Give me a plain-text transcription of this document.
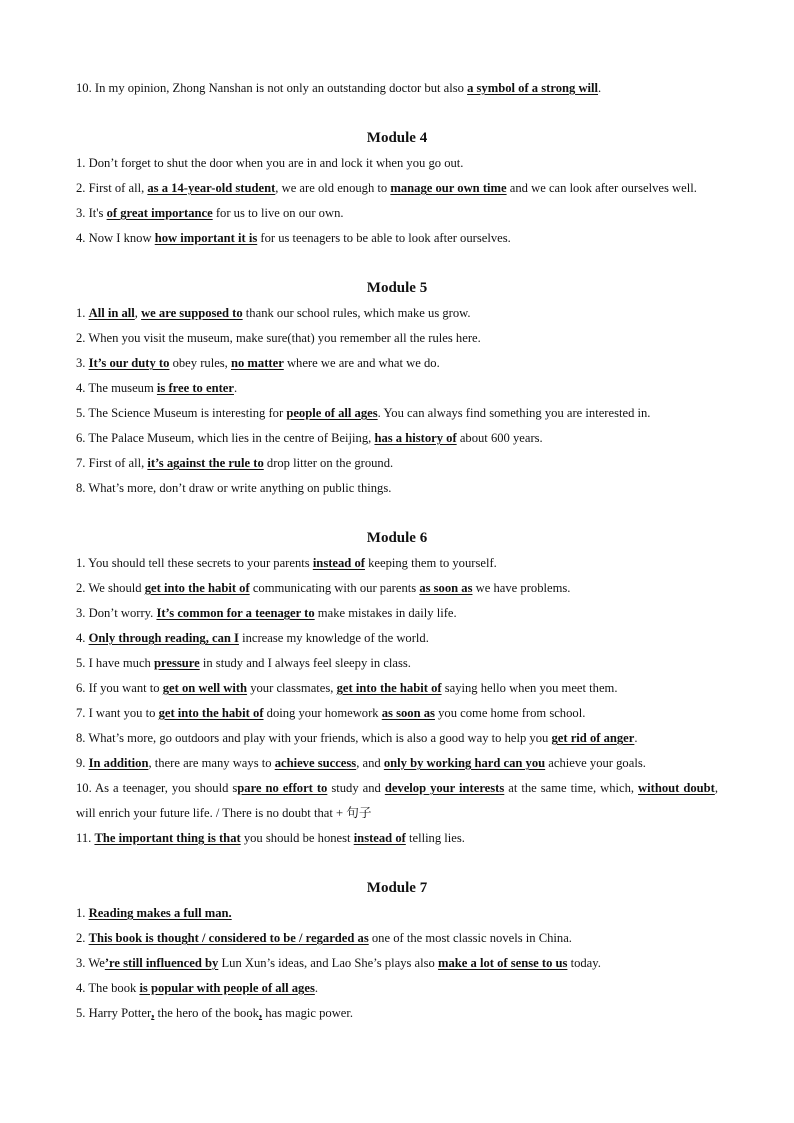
10. In my opinion, Zhong Nanshan is not only an outstanding doctor but also a symbol of a strong will.
Module 4
1. Don’t forget to shut the door when you are in and lock it when you go out.
2. First of all, as a 14-year-old student, we are old enough to manage our own time and we can look after ourselves well.
3. It's of great importance for us to live on our own.
4. Now I know how important it is for us teenagers to be able to look after ourselves.
Module 5
1. All in all, we are supposed to thank our school rules, which make us grow.
2. When you visit the museum, make sure(that) you remember all the rules here.
3. It’s our duty to obey rules, no matter where we are and what we do.
4. The museum is free to enter.
5. The Science Museum is interesting for people of all ages. You can always find something you are interested in.
6. The Palace Museum, which lies in the centre of Beijing, has a history of about 600 years.
7. First of all, it’s against the rule to drop litter on the ground.
8. What’s more, don’t draw or write anything on public things.
Module 6
1. You should tell these secrets to your parents instead of keeping them to yourself.
2. We should get into the habit of communicating with our parents as soon as we have problems.
3. Don’t worry. It’s common for a teenager to make mistakes in daily life.
4. Only through reading, can I increase my knowledge of the world.
5. I have much pressure in study and I always feel sleepy in class.
6. If you want to get on well with your classmates, get into the habit of saying hello when you meet them.
7. I want you to get into the habit of doing your homework as soon as you come home from school.
8. What’s more, go outdoors and play with your friends, which is also a good way to help you get rid of anger.
9. In addition, there are many ways to achieve success, and only by working hard can you achieve your goals.
10. As a teenager, you should spare no effort to study and develop your interests at the same time, which, without doubt, will enrich your future life. / There is no doubt that + 句子
11. The important thing is that you should be honest instead of telling lies.
Module 7
1. Reading makes a full man.
2. This book is thought / considered to be / regarded as one of the most classic novels in China.
3. We’re still influenced by Lun Xun’s ideas, and Lao She’s plays also make a lot of sense to us today.
4. The book is popular with people of all ages.
5. Harry Potter, the hero of the book, has magic power.
